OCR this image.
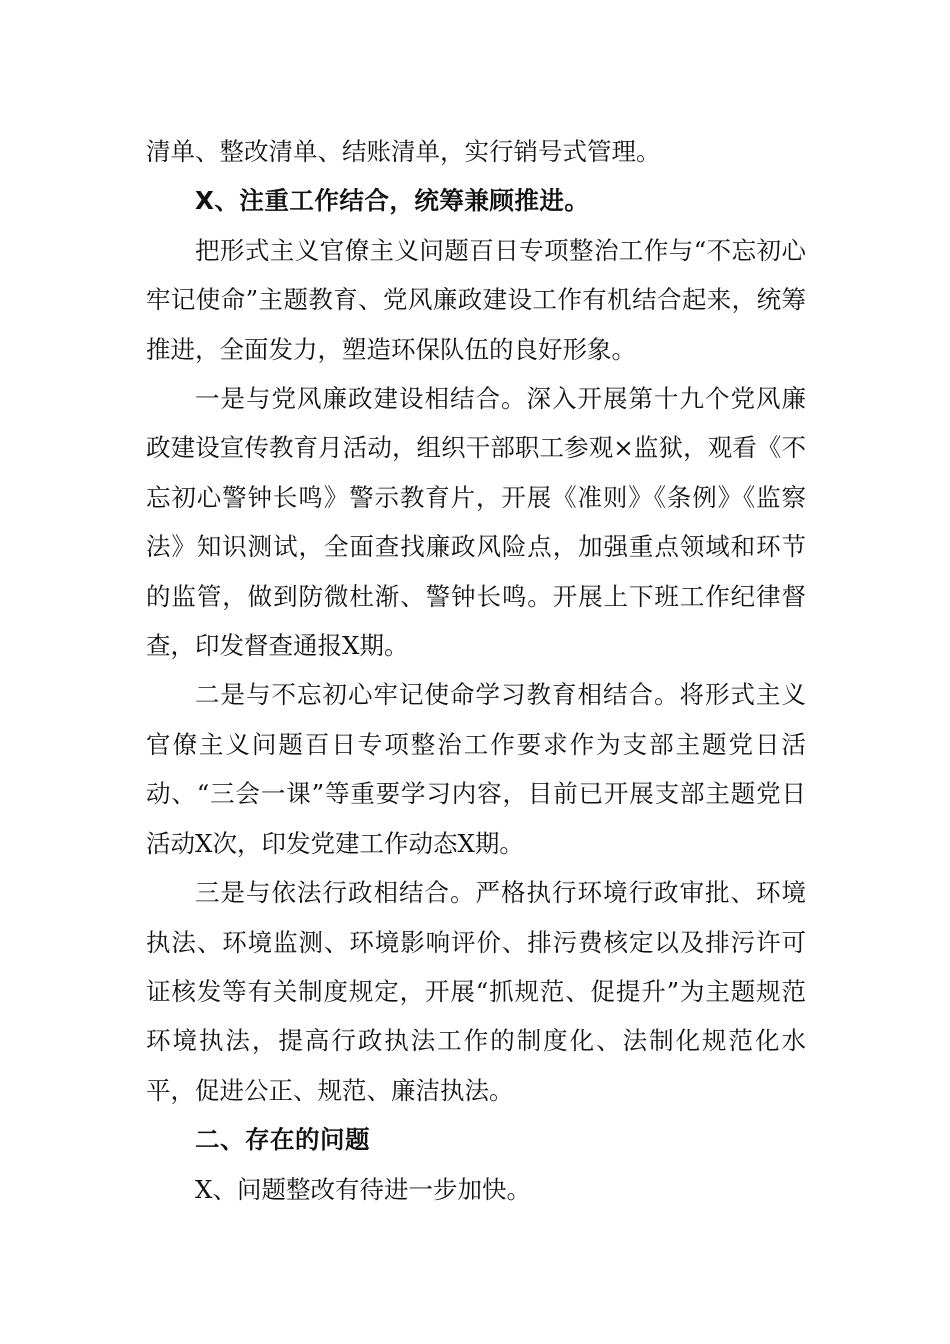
清单、整改清单、结账清单，实行销号式管理。

X、注重工作结合，统筹兼顾推进。

把形式主义官僚主义问题百日专项整治工作与“不忘初心牢记使命”主题教育、党风廉政建设工作有机结合起来，统筹推进，全面发力，塑造环保队伍的良好形象。

一是与党风廉政建设相结合。深入开展第十九个党风廉政建设宣传教育月活动，组织干部职工参观×监狱，观看《不忘初心警钟长鸣》警示教育片，开展《准则》《条例》《监察法》知识测试，全面查找廉政风险点，加强重点领域和环节的监管，做到防微杜渐、警钟长鸣。开展上下班工作纪律督查，印发督查通报X期。

二是与不忘初心牢记使命学习教育相结合。将形式主义官僚主义问题百日专项整治工作要求作为支部主题党日活动、“三会一课”等重要学习内容，目前已开展支部主题党日活动X次，印发党建工作动态X期。

三是与依法行政相结合。严格执行环境行政审批、环境执法、环境监测、环境影响评价、排污费核定以及排污许可证核发等有关制度规定，开展“抓规范、促提升”为主题规范环境执法，提高行政执法工作的制度化、法制化规范化水平，促进公正、规范、廉洁执法。

二、存在的问题

X、问题整改有待进一步加快。
